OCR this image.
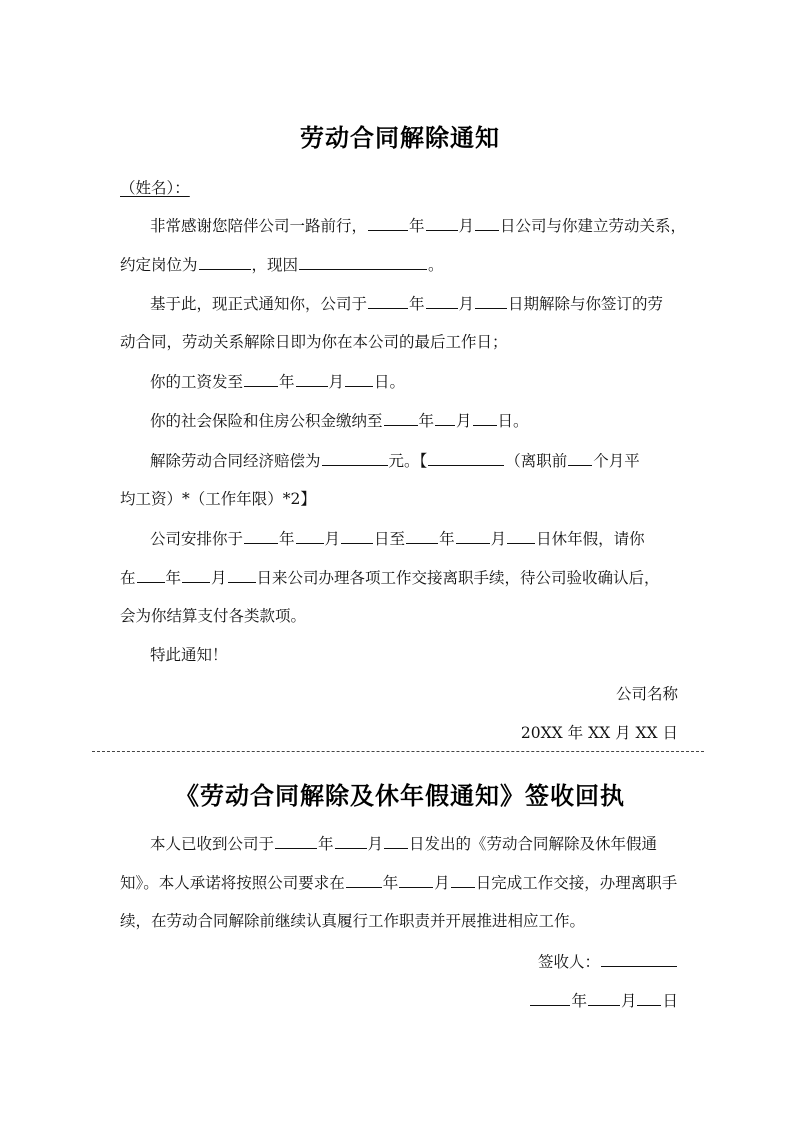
劳动合同解除通知
（姓名）：
非常感谢您陪伴公司一路前行，	年 月 日公司与你建立劳动关系，
约定岗位为	，现因	。
基于此，现正式通知你，公司于	年 月 日期解除与你签订的劳
动合同，劳动关系解除日即为你在本公司的最后工作日；
你的工资发至 年 月 日。
你的社会保险和住房公积金缴纳至 年 月 日。
解除劳动合同经济赔偿为	元。【	（离职前 个月平
均工资）*（工作年限）*2】
公司安排你于 年 月 日至 年 月 日休年假，请你
在 年 月 日来公司办理各项工作交接离职手续，待公司验收确认后，
会为你结算支付各类款项。
特此通知！
公司名称
20XX 年 XX 月 XX 日
《劳动合同解除及休年假通知》签收回执
本人已收到公司于	年 月 日发出的《劳动合同解除及休年假通
知》。本人承诺将按照公司要求在 年 月 日完成工作交接，办理离职手
续，在劳动合同解除前继续认真履行工作职责并开展推进相应工作。
签收人：
年 月 日
